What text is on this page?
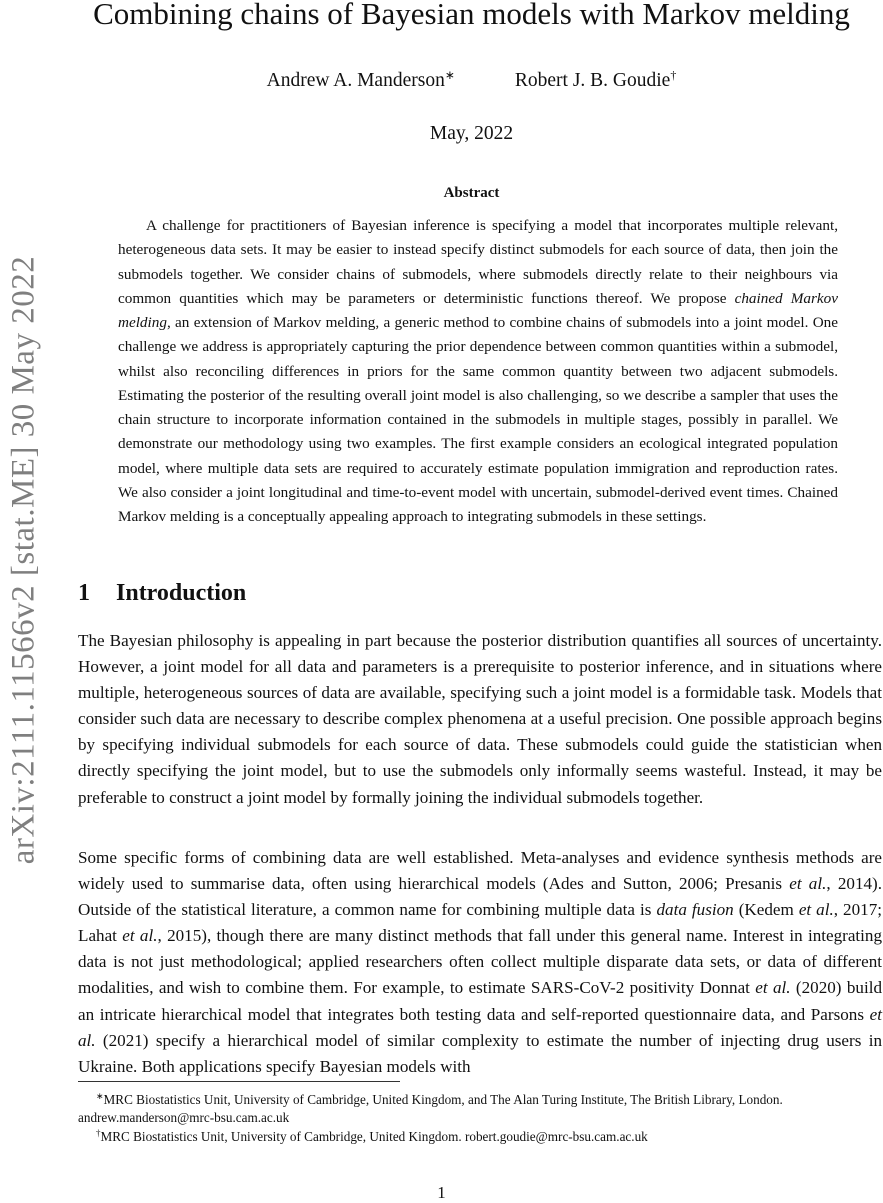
arXiv:2111.11566v2 [stat.ME] 30 May 2022
Combining chains of Bayesian models with Markov melding
Andrew A. Manderson∗	Robert J. B. Goudie†
May, 2022
Abstract

A challenge for practitioners of Bayesian inference is specifying a model that incorporates multiple relevant, heterogeneous data sets. It may be easier to instead specify distinct submodels for each source of data, then join the submodels together. We consider chains of submodels, where submodels directly relate to their neighbours via common quantities which may be parameters or deterministic functions thereof. We propose chained Markov melding, an extension of Markov melding, a generic method to combine chains of submodels into a joint model. One challenge we address is appropriately capturing the prior dependence between common quantities within a submodel, whilst also reconciling differences in priors for the same common quantity between two adjacent submodels. Estimating the posterior of the resulting overall joint model is also challenging, so we describe a sampler that uses the chain structure to incorporate information contained in the submodels in multiple stages, possibly in parallel. We demonstrate our methodology using two examples. The first example considers an ecological integrated population model, where multiple data sets are required to accurately estimate population immigration and reproduction rates. We also consider a joint longitudinal and time-to-event model with uncertain, submodel-derived event times. Chained Markov melding is a conceptually appealing approach to integrating submodels in these settings.

1 Introduction

The Bayesian philosophy is appealing in part because the posterior distribution quantifies all sources of uncertainty. However, a joint model for all data and parameters is a prerequisite to posterior inference, and in situations where multiple, heterogeneous sources of data are available, specifying such a joint model is a formidable task. Models that consider such data are necessary to describe complex phenomena at a useful precision. One possible approach begins by specifying individual submodels for each source of data. These submodels could guide the statistician when directly specifying the joint model, but to use the submodels only informally seems wasteful. Instead, it may be preferable to construct a joint model by formally joining the individual submodels together.

Some specific forms of combining data are well established. Meta-analyses and evidence synthesis methods are widely used to summarise data, often using hierarchical models (Ades and Sutton, 2006; Presanis et al., 2014). Outside of the statistical literature, a common name for combining multiple data is data fusion (Kedem et al., 2017; Lahat et al., 2015), though there are many distinct methods that fall under this general name. Interest in integrating data is not just methodological; applied researchers often collect multiple disparate data sets, or data of different modalities, and wish to combine them. For example, to estimate SARS-CoV-2 positivity Donnat et al. (2020) build an intricate hierarchical model that integrates both testing data and self-reported questionnaire data, and Parsons et al. (2021) specify a hierarchical model of similar complexity to estimate the number of injecting drug users in Ukraine. Both applications specify Bayesian models with

∗MRC Biostatistics Unit, University of Cambridge, United Kingdom, and The Alan Turing Institute, The British Library, London. andrew.manderson@mrc-bsu.cam.ac.uk

†MRC Biostatistics Unit, University of Cambridge, United Kingdom. robert.goudie@mrc-bsu.cam.ac.uk

1
